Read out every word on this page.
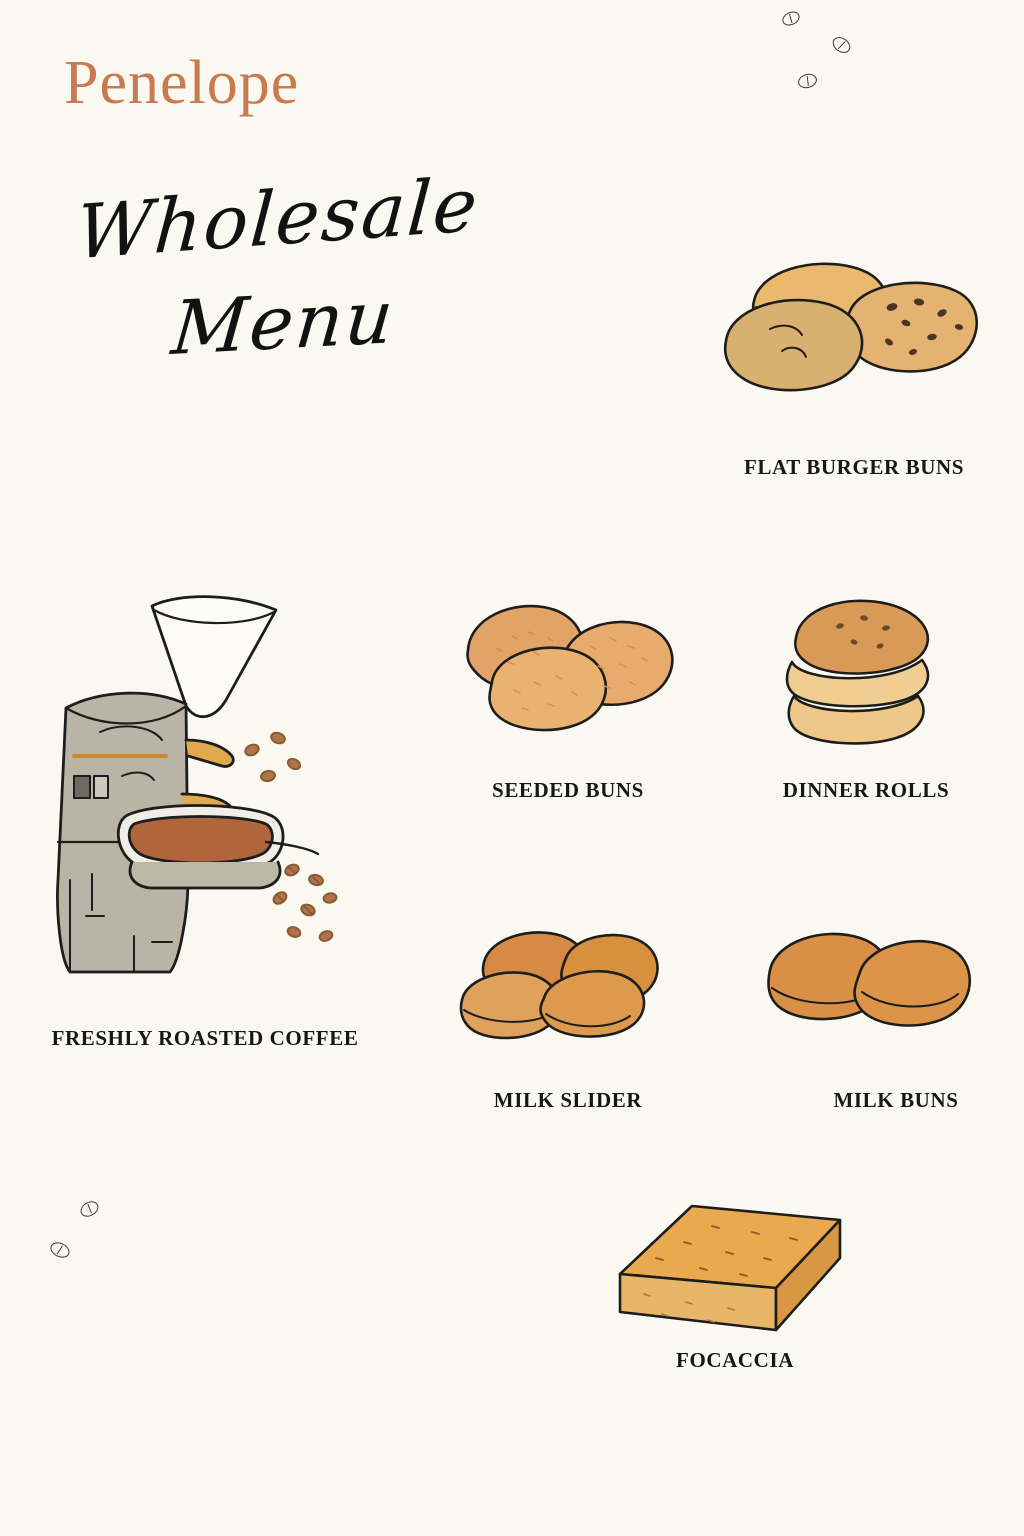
Penelope
Wholesale
Menu
FLAT BURGER BUNS
SEEDED BUNS	DINNER ROLLS
FRESHLY ROASTED COFFEE
MILK SLIDER	MILK BUNS
FOCACCIA
